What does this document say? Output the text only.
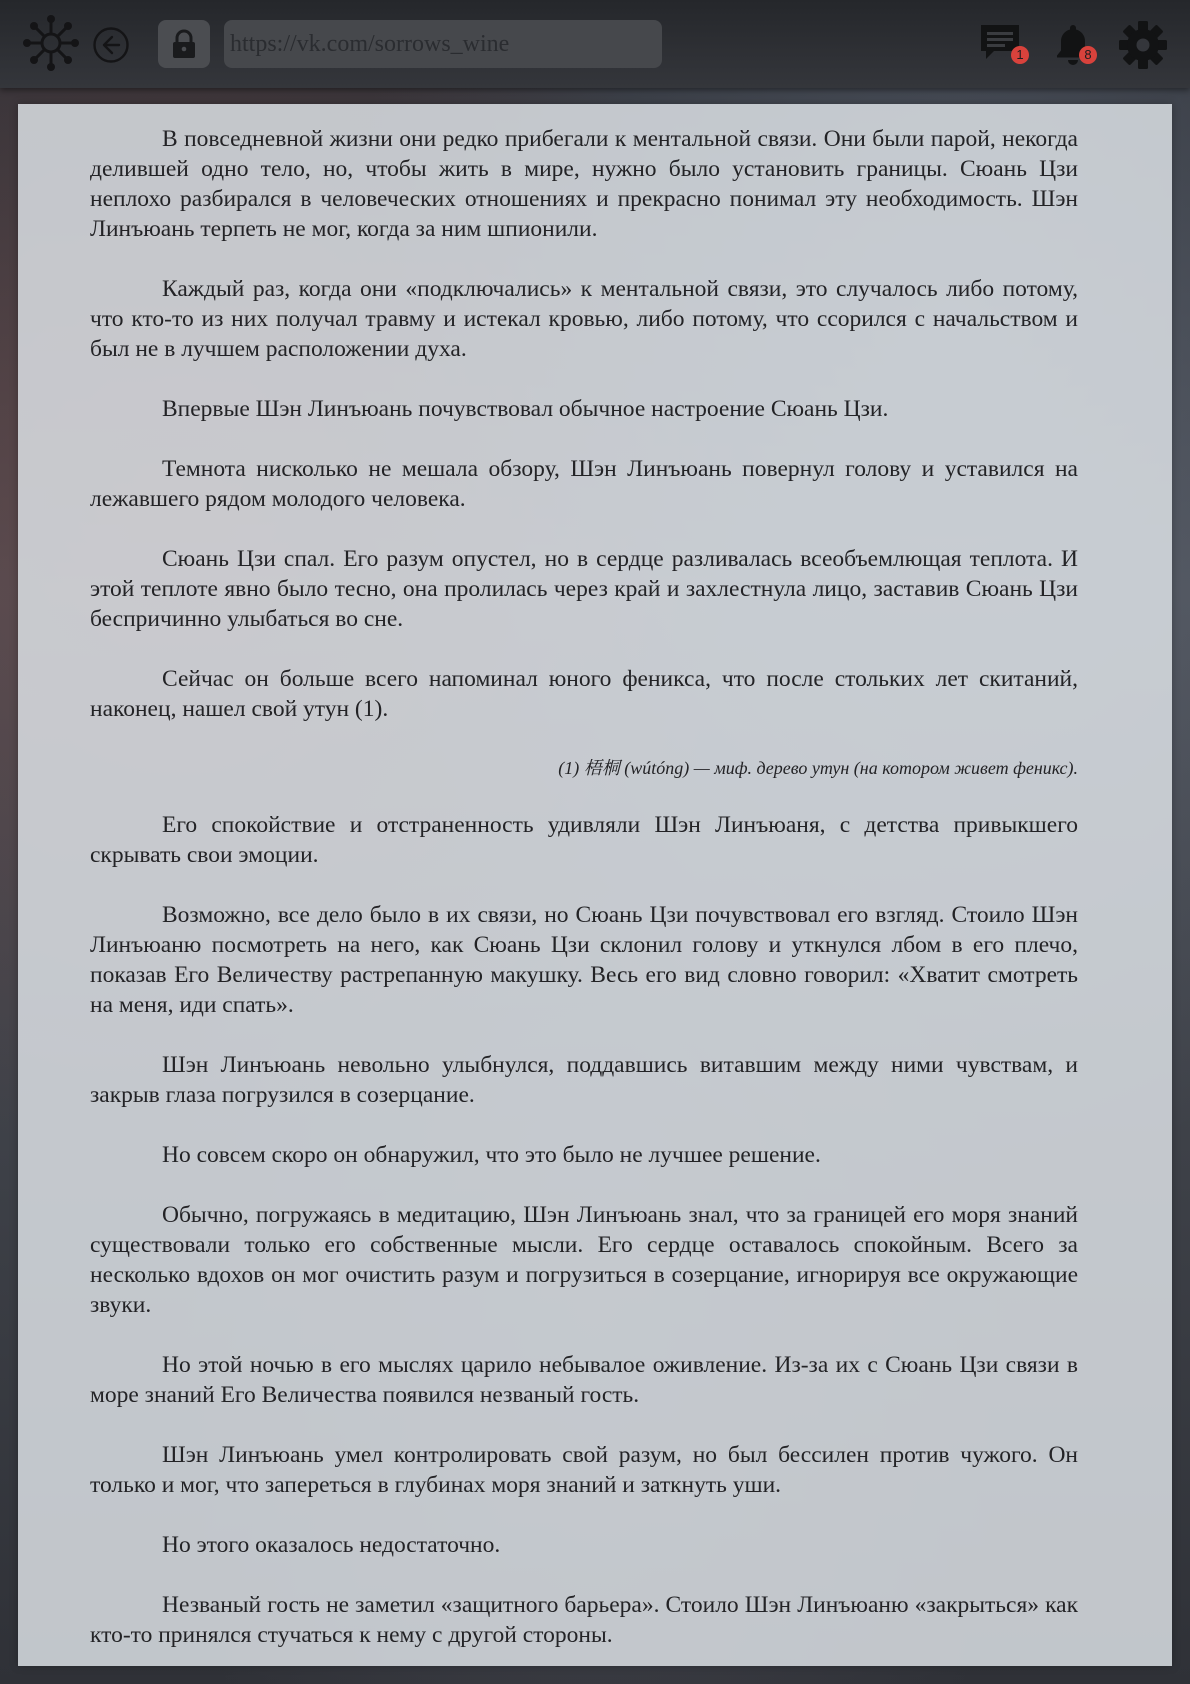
https://vk.com/sorrows_wine
1	8

В повседневной жизни они редко прибегали к ментальной связи. Они были парой, некогда делившей одно тело, но, чтобы жить в мире, нужно было установить границы. Сюань Цзи неплохо разбирался в человеческих отношениях и прекрасно понимал эту необходимость. Шэн Линъюань терпеть не мог, когда за ним шпионили.

Каждый раз, когда они «подключались» к ментальной связи, это случалось либо потому, что кто-то из них получал травму и истекал кровью, либо потому, что ссорился с начальством и был не в лучшем расположении духа.

Впервые Шэн Линъюань почувствовал обычное настроение Сюань Цзи.

Темнота нисколько не мешала обзору, Шэн Линъюань повернул голову и уставился на лежавшего рядом молодого человека.

Сюань Цзи спал. Его разум опустел, но в сердце разливалась всеобъемлющая теплота. И этой теплоте явно было тесно, она пролилась через край и захлестнула лицо, заставив Сюань Цзи беспричинно улыбаться во сне.

Сейчас он больше всего напоминал юного феникса, что после стольких лет скитаний, наконец, нашел свой утун (1).

(1) 梧桐 (wútóng) — миф. дерево утун (на котором живет феникс).

Его спокойствие и отстраненность удивляли Шэн Линъюаня, с детства привыкшего скрывать свои эмоции.

Возможно, все дело было в их связи, но Сюань Цзи почувствовал его взгляд. Стоило Шэн Линъюаню посмотреть на него, как Сюань Цзи склонил голову и уткнулся лбом в его плечо, показав Его Величеству растрепанную макушку. Весь его вид словно говорил: «Хватит смотреть на меня, иди спать».

Шэн Линъюань невольно улыбнулся, поддавшись витавшим между ними чувствам, и закрыв глаза погрузился в созерцание.

Но совсем скоро он обнаружил, что это было не лучшее решение.

Обычно, погружаясь в медитацию, Шэн Линъюань знал, что за границей его моря знаний существовали только его собственные мысли. Его сердце оставалось спокойным. Всего за несколько вдохов он мог очистить разум и погрузиться в созерцание, игнорируя все окружающие звуки.

Но этой ночью в его мыслях царило небывалое оживление. Из-за их с Сюань Цзи связи в море знаний Его Величества появился незваный гость.

Шэн Линъюань умел контролировать свой разум, но был бессилен против чужого. Он только и мог, что запереться в глубинах моря знаний и заткнуть уши.

Но этого оказалось недостаточно.

Незваный гость не заметил «защитного барьера». Стоило Шэн Линъюаню «закрыться» как кто-то принялся стучаться к нему с другой стороны.
